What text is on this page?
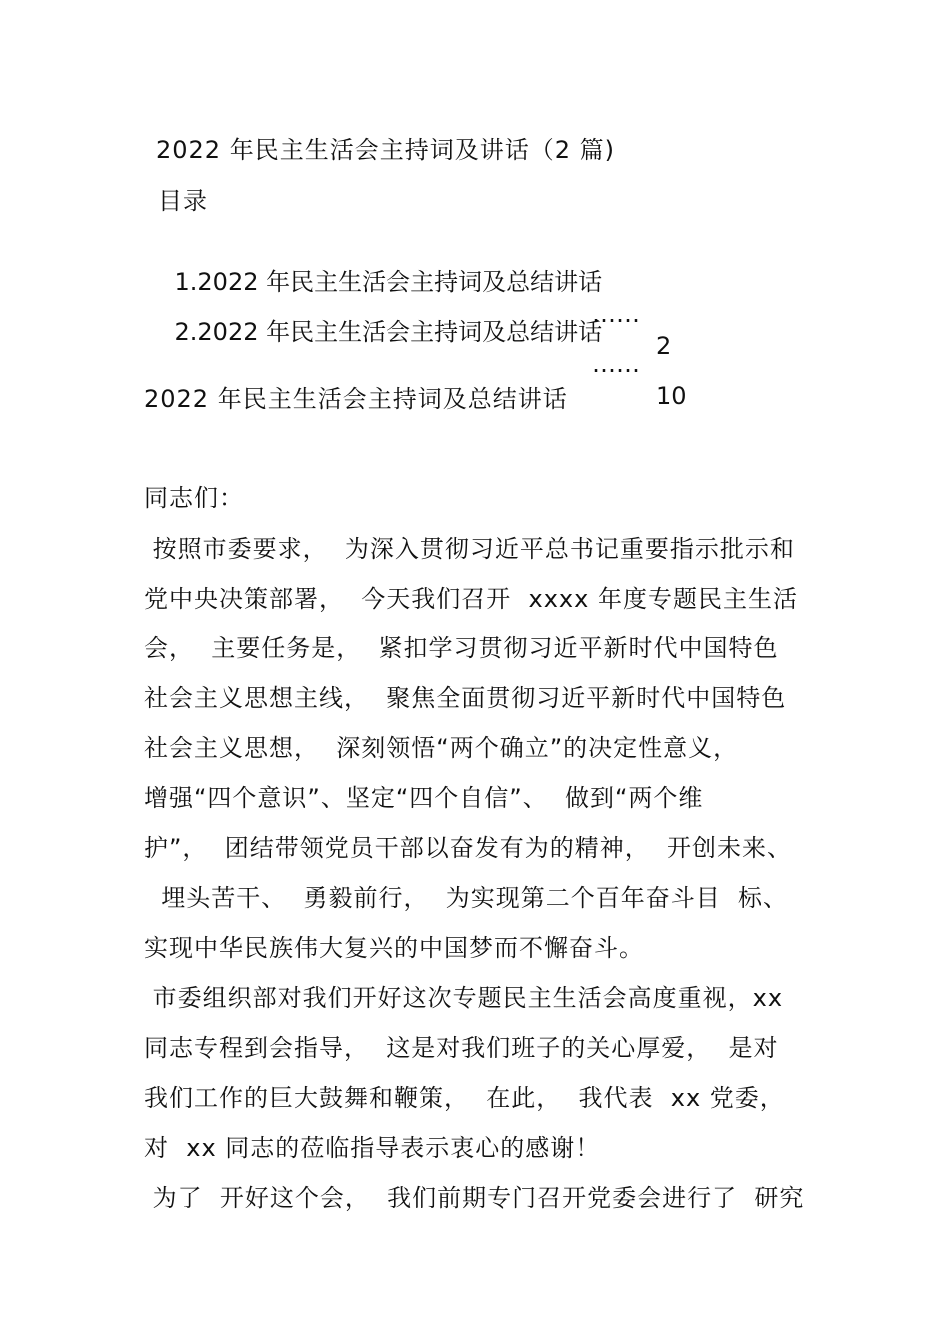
2022 年民主生活会主持词及讲话（2 篇)
目录

1.2022 年民主生活会主持词及总结讲话

……

2

2.2022 年民主生活会主持词及总结讲话

……

10

2022 年民主生活会主持词及总结讲话
同志们：
按照市委要求，  为深入贯彻习近平总书记重要指示批示和
党中央决策部署，  今天我们召开  xxxx 年度专题民主生活
会，  主要任务是，  紧扣学习贯彻习近平新时代中国特色
社会主义思想主线，  聚焦全面贯彻习近平新时代中国特色
社会主义思想，  深刻领悟“两个确立”的决定性意义，
增强“四个意识”、坚定“四个自信”、  做到“两个维
护”，  团结带领党员干部以奋发有为的精神，  开创未来、
埋头苦干、  勇毅前行，  为实现第二个百年奋斗目  标、
实现中华民族伟大复兴的中国梦而不懈奋斗。
市委组织部对我们开好这次专题民主生活会高度重视，xx
同志专程到会指导，  这是对我们班子的关心厚爱，  是对
我们工作的巨大鼓舞和鞭策，  在此，  我代表  xx 党委，
对  xx 同志的莅临指导表示衷心的感谢！
为了  开好这个会，  我们前期专门召开党委会进行了  研究
